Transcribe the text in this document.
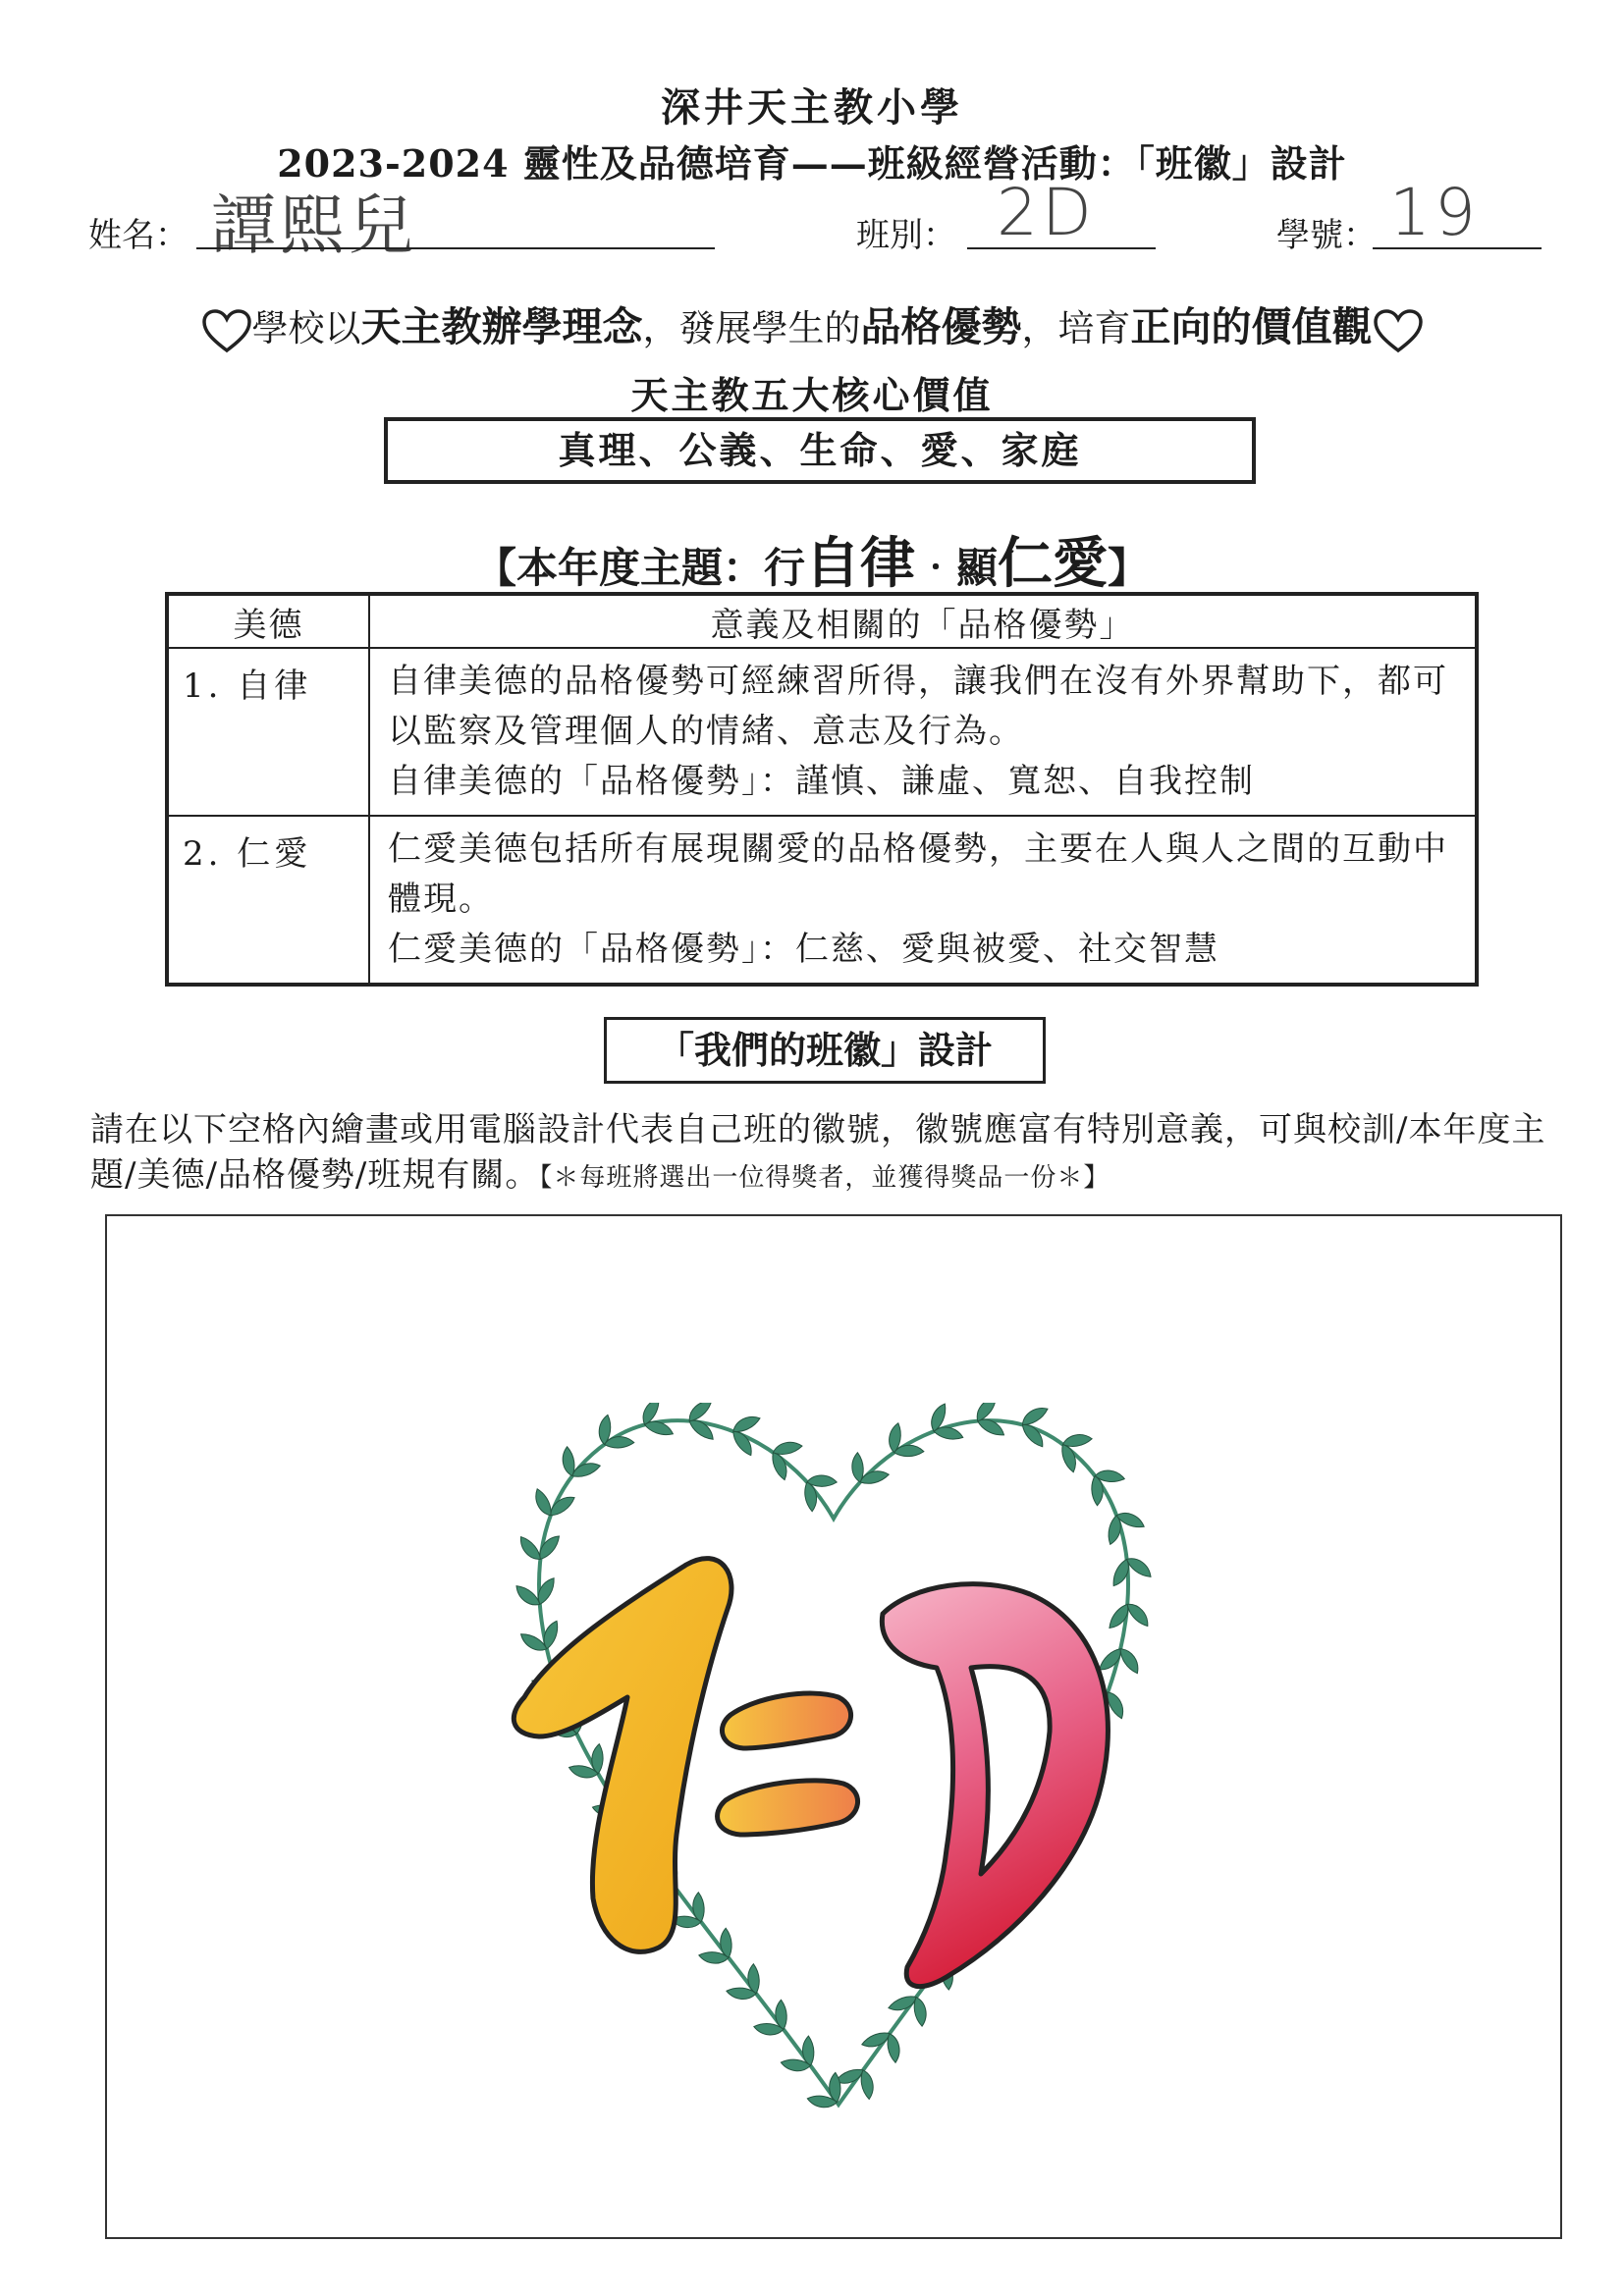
深井天主教小學
2023-2024 靈性及品德培育——班級經營活動：「班徽」設計
姓名： 譚熙兒	班別： 2D	學號： 19
學校以天主教辦學理念，發展學生的品格優勢，培育正向的價值觀
天主教五大核心價值
真理、公義、生命、愛、家庭
【本年度主題：行自律‧顯仁愛】
美德	意義及相關的「品格優勢」
1. 自律	自律美德的品格優勢可經練習所得，讓我們在沒有外界幫助下，都可以監察及管理個人的情緒、意志及行為。
自律美德的「品格優勢」：謹慎、謙虛、寬恕、自我控制

2. 仁愛	仁愛美德包括所有展現關愛的品格優勢，主要在人與人之間的互動中體現。
仁愛美德的「品格優勢」：仁慈、愛與被愛、社交智慧
「我們的班徽」設計
請在以下空格內繪畫或用電腦設計代表自己班的徽號，徽號應富有特別意義，可與校訓/本年度主題/美德/品格優勢/班規有關。【＊每班將選出一位得獎者，並獲得獎品一份＊】
